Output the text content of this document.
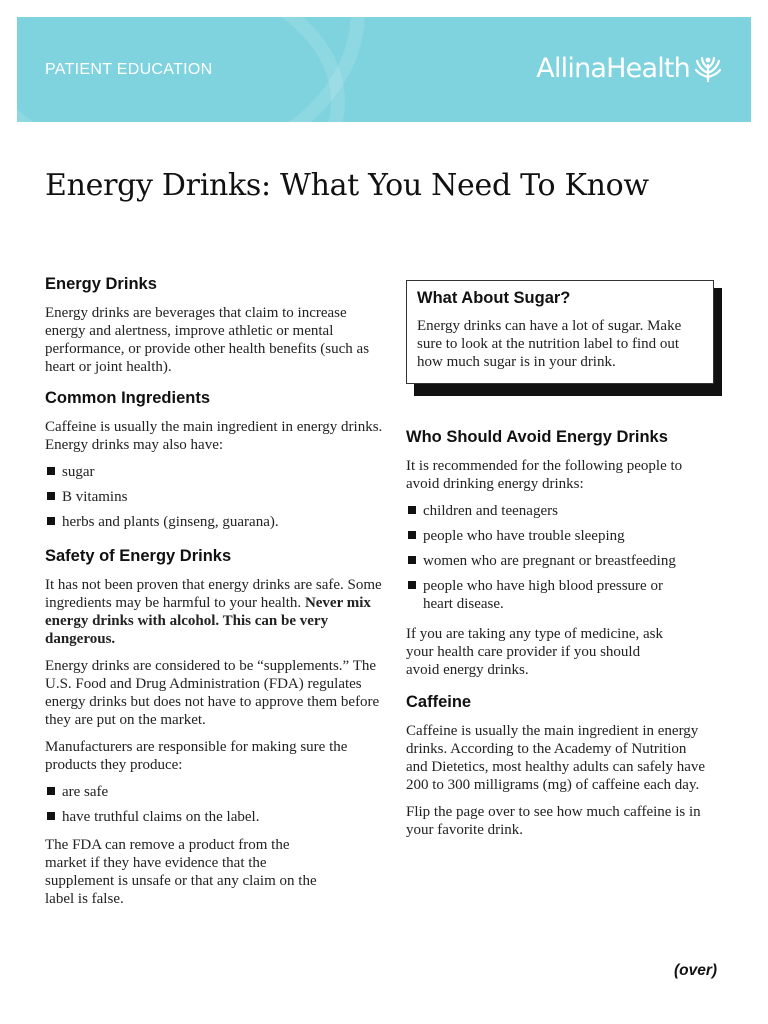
PATIENT EDUCATION	AllinaHealth
Energy Drinks: What You Need To Know
Energy Drinks

Energy drinks are beverages that claim to increase energy and alertness, improve athletic or mental performance, or provide other health benefits (such as heart or joint health).

Common Ingredients

Caffeine is usually the main ingredient in energy drinks. Energy drinks may also have:

sugar
B vitamins
herbs and plants (ginseng, guarana).
Safety of Energy Drinks

It has not been proven that energy drinks are safe. Some ingredients may be harmful to your health. Never mix energy drinks with alcohol. This can be very dangerous.

Energy drinks are considered to be “supplements.” The U.S. Food and Drug Administration (FDA) regulates energy drinks but does not have to approve them before they are put on the market.

Manufacturers are responsible for making sure the products they produce:

are safe
have truthful claims on the label.

The FDA can remove a product from the market if they have evidence that the supplement is unsafe or that any claim on the label is false.

What About Sugar?

Energy drinks can have a lot of sugar. Make sure to look at the nutrition label to find out how much sugar is in your drink.

Who Should Avoid Energy Drinks

It is recommended for the following people to avoid drinking energy drinks:

children and teenagers
people who have trouble sleeping
women who are pregnant or breastfeeding
people who have high blood pressure or heart disease.

If you are taking any type of medicine, ask your health care provider if you should avoid energy drinks.

Caffeine

Caffeine is usually the main ingredient in energy drinks. According to the Academy of Nutrition and Dietetics, most healthy adults can safely have 200 to 300 milligrams (mg) of caffeine each day.

Flip the page over to see how much caffeine is in your favorite drink.

(over)
